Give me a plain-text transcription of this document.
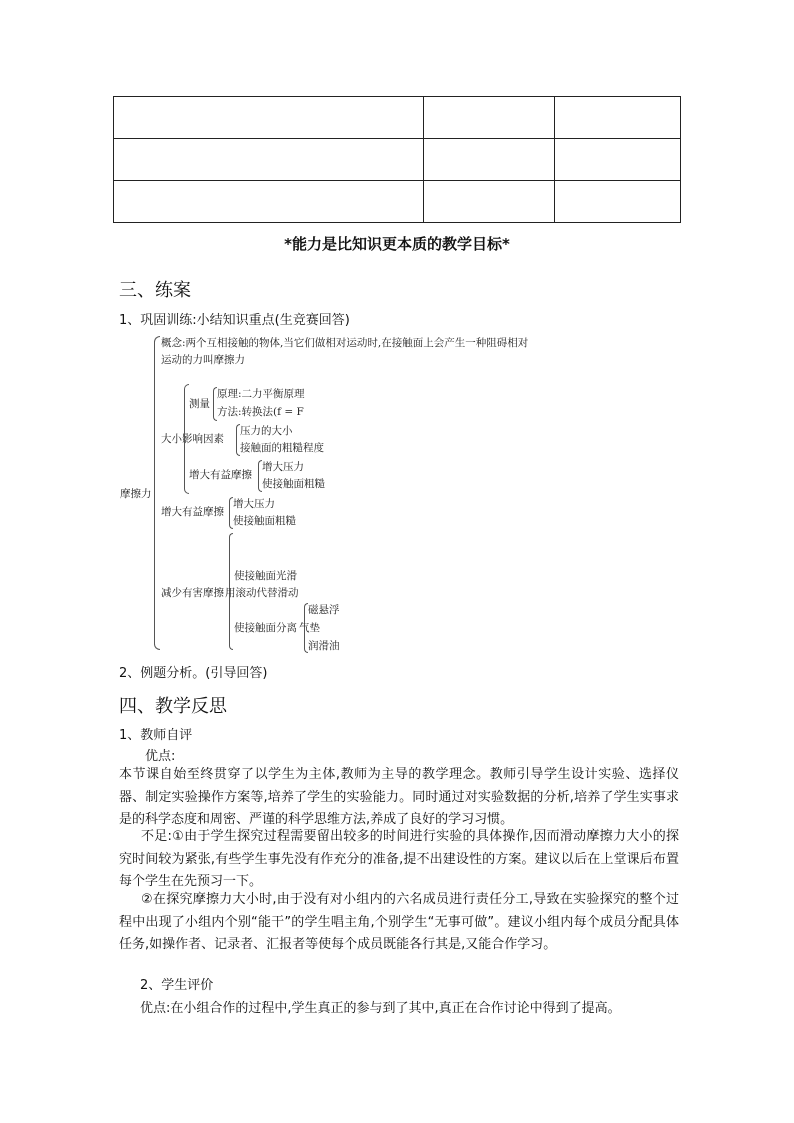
*能力是比知识更本质的教学目标*
三、练案
1、巩固训练:小结知识重点(生竞赛回答)
摩擦力
概念:两个互相接触的物体,当它们做相对运动时,在接触面上会产生一种阻碍相对
运动的力叫摩擦力
大小影响因素
测量
原理:二力平衡原理
方法:转换法(f = F
压力的大小
接触面的粗糙程度
增大有益摩擦
增大压力
使接触面粗糙
增大有益摩擦
增大压力
使接触面粗糙
减少有害摩擦
使接触面光滑
用滚动代替滑动
使接触面分离
磁悬浮
气垫
润滑油
2、例题分析。(引导回答)
四、教学反思
1、教师自评
优点:
本节课自始至终贯穿了以学生为主体,教师为主导的教学理念。教师引导学生设计实验、选择仪器、制定实验操作方案等,培养了学生的实验能力。同时通过对实验数据的分析,培养了学生实事求是的科学态度和周密、严谨的科学思维方法,养成了良好的学习习惯。
不足:①由于学生探究过程需要留出较多的时间进行实验的具体操作,因而滑动摩擦力大小的探究时间较为紧张,有些学生事先没有作充分的准备,提不出建设性的方案。建议以后在上堂课后布置每个学生在先预习一下。
②在探究摩擦力大小时,由于没有对小组内的六名成员进行责任分工,导致在实验探究的整个过程中出现了小组内个别“能干”的学生唱主角,个别学生“无事可做”。建议小组内每个成员分配具体任务,如操作者、记录者、汇报者等使每个成员既能各行其是,又能合作学习。
2、学生评价
优点:在小组合作的过程中,学生真正的参与到了其中,真正在合作讨论中得到了提高。
